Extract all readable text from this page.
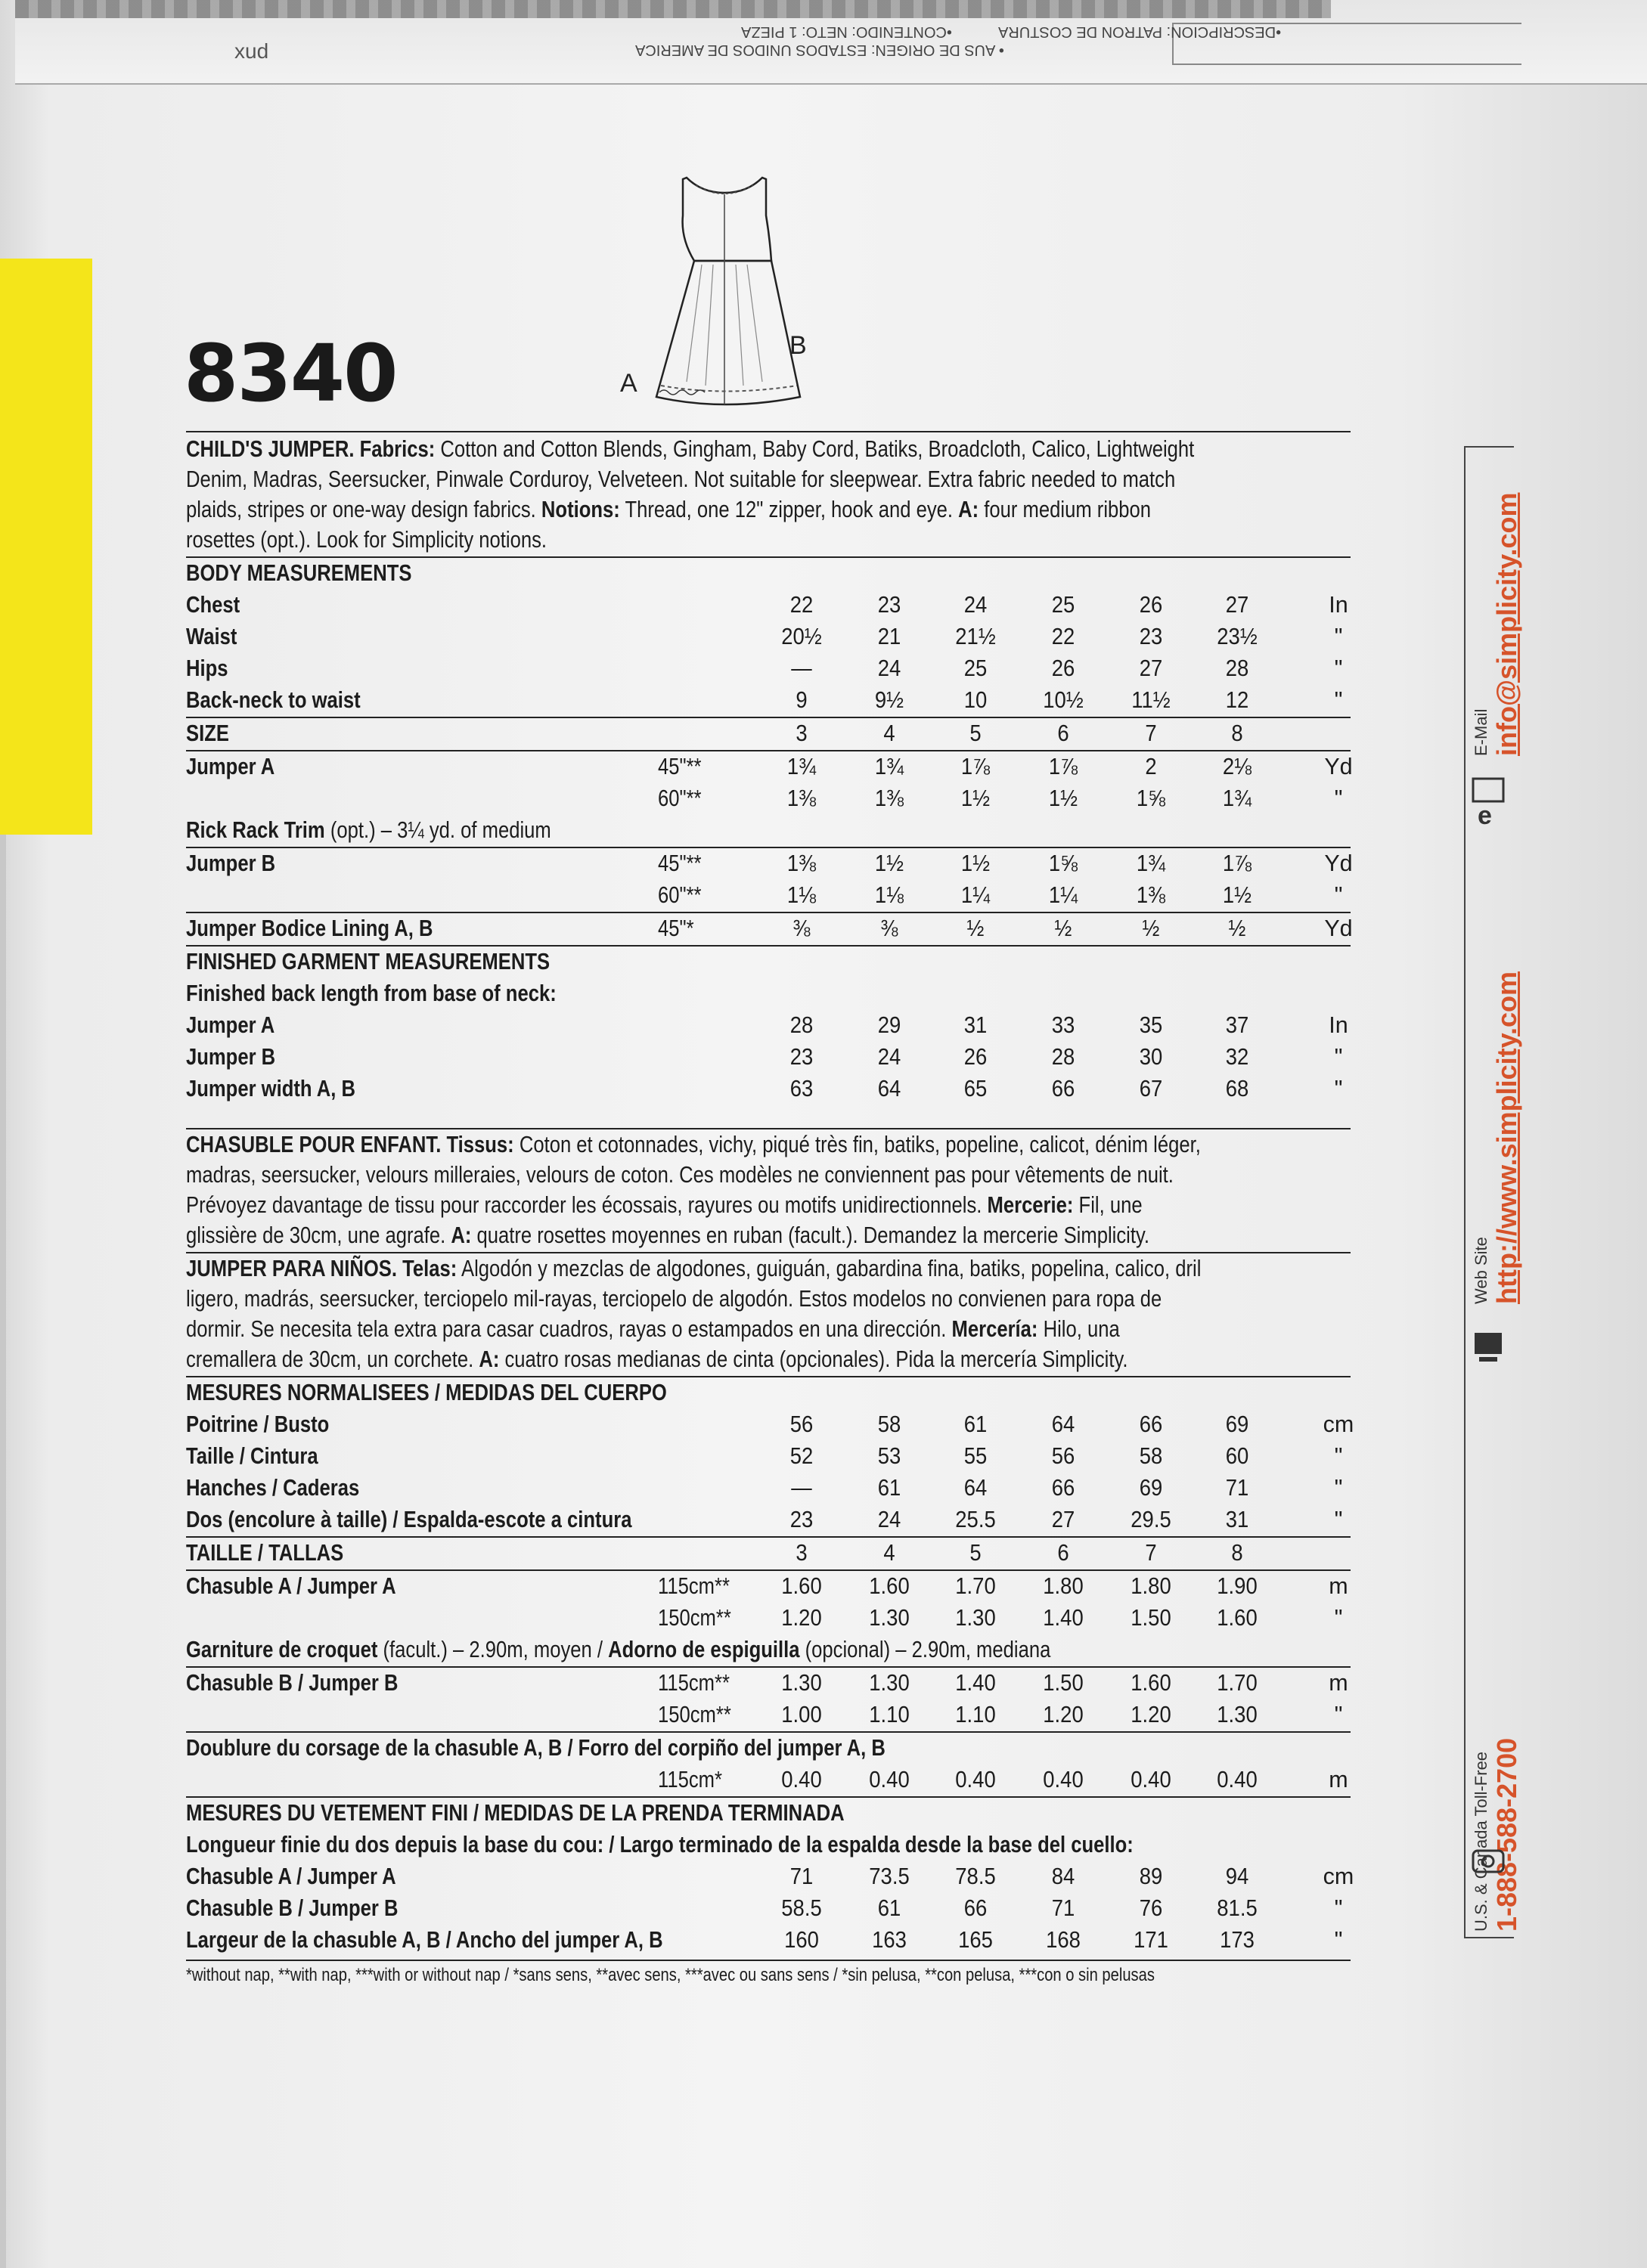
xud	• AUS DE ORIGEN: ESTADOS UNIDOS DE AMERICA
•CONTENIDO: NETO: 1 PIEZA	•DESCRIPCION: PATRON DE COSTURA
8340	A
B
CHILD'S JUMPER. Fabrics: Cotton and Cotton Blends, Gingham, Baby Cord, Batiks, Broadcloth, Calico, Lightweight
Denim, Madras, Seersucker, Pinwale Corduroy, Velveteen. Not suitable for sleepwear. Extra fabric needed to match
plaids, stripes or one-way design fabrics. Notions: Thread, one 12" zipper, hook and eye. A: four medium ribbon
rosettes (opt.). Look for Simplicity notions.
BODY MEASUREMENTS
Chest	22	23	24	25	26	27	In
Waist	20½	21	21½	22	23	23½	"
Hips	—	24	25	26	27	28	"
Back-neck to waist	9	9½	10	10½	11½	12	"
SIZE	3	4	5	6	7	8
Jumper A	45"**	1¾	1¾	1⅞	1⅞	2	2⅛	Yd
60"**	1⅜	1⅜	1½	1½	1⅝	1¾	"
Rick Rack Trim (opt.) – 3¼ yd. of medium
Jumper B	45"**	1⅜	1½	1½	1⅝	1¾	1⅞	Yd
60"**	1⅛	1⅛	1¼	1¼	1⅜	1½	"
Jumper Bodice Lining A, B	45"*	⅜	⅜	½	½	½	½	Yd
FINISHED GARMENT MEASUREMENTS
Finished back length from base of neck:
Jumper A	28	29	31	33	35	37	In
Jumper B	23	24	26	28	30	32	"
Jumper width A, B	63	64	65	66	67	68	"
CHASUBLE POUR ENFANT. Tissus: Coton et cotonnades, vichy, piqué très fin, batiks, popeline, calicot, dénim léger,
madras, seersucker, velours milleraies, velours de coton. Ces modèles ne conviennent pas pour vêtements de nuit.
Prévoyez davantage de tissu pour raccorder les écossais, rayures ou motifs unidirectionnels. Mercerie: Fil, une
glissière de 30cm, une agrafe. A: quatre rosettes moyennes en ruban (facult.). Demandez la mercerie Simplicity.
JUMPER PARA NIÑOS. Telas: Algodón y mezclas de algodones, guiguán, gabardina fina, batiks, popelina, calico, dril
ligero, madrás, seersucker, terciopelo mil-rayas, terciopelo de algodón. Estos modelos no convienen para ropa de
dormir. Se necesita tela extra para casar cuadros, rayas o estampados en una dirección. Mercería: Hilo, una
cremallera de 30cm, un corchete. A: cuatro rosas medianas de cinta (opcionales). Pida la mercería Simplicity.
MESURES NORMALISEES / MEDIDAS DEL CUERPO
Poitrine / Busto	56	58	61	64	66	69	cm
Taille / Cintura	52	53	55	56	58	60	"
Hanches / Caderas	—	61	64	66	69	71	"
Dos (encolure à taille) / Espalda-escote a cintura	23	24	25.5	27	29.5	31	"
TAILLE / TALLAS	3	4	5	6	7	8
Chasuble A / Jumper A	115cm**	1.60	1.60	1.70	1.80	1.80	1.90	m
150cm**	1.20	1.30	1.30	1.40	1.50	1.60	"
Garniture de croquet (facult.) – 2.90m, moyen / Adorno de espiguilla (opcional) – 2.90m, mediana
Chasuble B / Jumper B	115cm**	1.30	1.30	1.40	1.50	1.60	1.70	m
150cm**	1.00	1.10	1.10	1.20	1.20	1.30	"
Doublure du corsage de la chasuble A, B / Forro del corpiño del jumper A, B
115cm*	0.40	0.40	0.40	0.40	0.40	0.40	m
MESURES DU VETEMENT FINI / MEDIDAS DE LA PRENDA TERMINADA
Longueur finie du dos depuis la base du cou: / Largo terminado de la espalda desde la base del cuello:
Chasuble A / Jumper A	71	73.5	78.5	84	89	94	cm
Chasuble B / Jumper B	58.5	61	66	71	76	81.5	"
Largeur de la chasuble A, B / Ancho del jumper A, B	160	163	165	168	171	173	"
*without nap, **with nap, ***with or without nap / *sans sens, **avec sens, ***avec ou sans sens / *sin pelusa, **con pelusa, ***con o sin pelusas
U.S. & Canada Toll-Free 1-888-588-2700
Web Site http://www.simplicity.com
E-Mail info@simplicity.com
e
